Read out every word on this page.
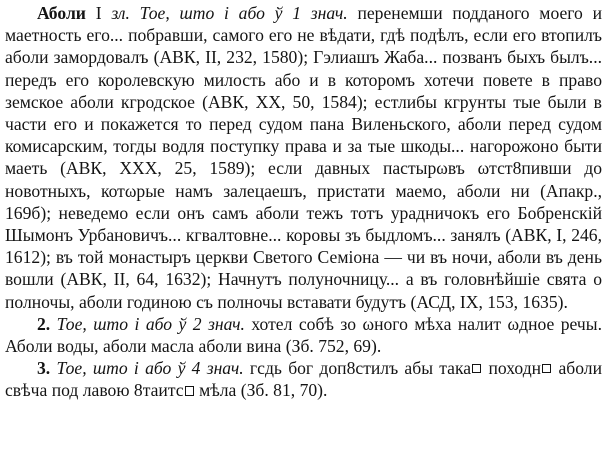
Аболи I зл. Тое, што і або ў 1 знач. перенемши подданого моего и маетность его... побравши, самого его не вѣдати, гдѣ подѣлъ, если его втопилъ аболи замордовалъ (АВК, II, 232, 1580); Гэлиашъ Жаба... позванъ быхъ былъ... передъ его королевскую милость або и в которомъ хотечи повете в право земское аболи кгродское (АВК, XX, 50, 1584); естлибы кгрунты тые были в части его и покажется то перед судом пана Виленьского, аболи перед судом комисарским, тогды водля поступку права и за тые шкоды... нагорожоно быти маеть (АВК, XXX, 25, 1589); если давных пастырωвъ ωтст8пивши до новотныхъ, котωрые намъ залецаешъ, пристати маемо, аболи ни (Апакр., 169б); неведемо если онъ самъ аболи тежъ тотъ урадничокъ его Бобренскій Шымонъ Урбановичъ... кгвалтовне... коровы зъ быдломъ... занялъ (АВК, I, 246, 1612); въ той монастыръ церкви Светого Семіона — чи въ ночи, аболи въ день вошли (АВК, II, 64, 1632); Начнутъ полуночницу... а въ головнѣйшіе свята о полночы, аболи годиною съ полночы вставати будутъ (АСД, IX, 153, 1635).

2. Тое, што і або ў 2 знач. хотел собѣ зо ωного мѣха налит ωдное речы. Аболи воды, аболи масла аболи вина (Зб. 752, 69).

3. Тое, што і або ў 4 знач. гсдь бог доп8стилъ абы така походн аболи свѣча под лавою 8таитс мѣла (Зб. 81, 70).
